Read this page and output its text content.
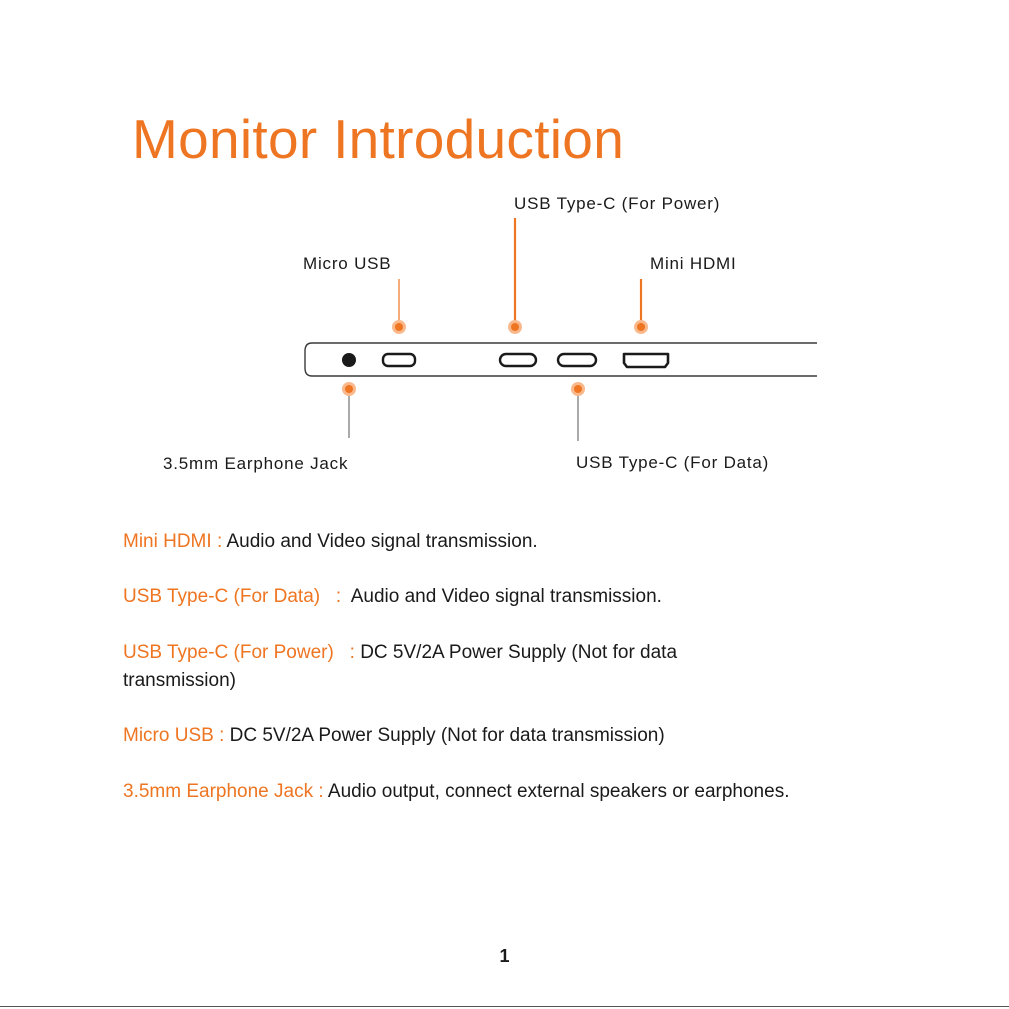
Monitor Introduction
USB Type-C (For Power)
Micro USB	Mini HDMI
3.5mm Earphone Jack	USB Type-C (For Data)
Mini HDMI : Audio and Video signal transmission.
USB Type-C (For Data)   :  Audio and Video signal transmission.
USB Type-C (For Power)   : DC 5V/2A Power Supply (Not for data transmission)
Micro USB : DC 5V/2A Power Supply (Not for data transmission)
3.5mm Earphone Jack : Audio output, connect external speakers or earphones.
1
